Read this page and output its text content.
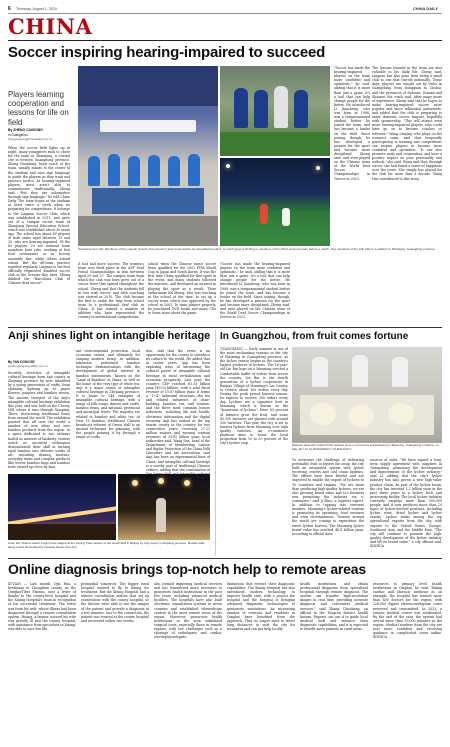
6 Thursday, August 1, 2024	CHINA DAILY
CHINA
Soccer inspiring hearing-impaired to succeed
Players learning cooperation and lessons for life on field
By ZHENG CAIXIONG
in Guangzhou
zhengcaixiong@chinadaily.com.cn

When the soccer field lights up at night, many youngsters rush to cheer for the team in Zhanjiang, a coastal city in western Guangdong province. Zheng Huanbing, head coach of the team, usually stands at the center of the stadium and uses sign language to guide the players as they train and practice tactics. As hearing-impaired players, most aren't able to communicate traditionally, Zheng said. "But they are informative through sign language," he told China Daily. The team trains at the stadium at least twice a week when its preparing for competitions. It belongs to the Lingnan Soccer Club, which was established in 2011, and grew out of a campus soccer team at Zhanjiang Special Education School, which was established about 30 years ago. The school has about 60 players of both sexes aged between 15 and 25, who are hearing-impaired. Of the 60 players, 20 are national team members here jobs, working at fast food restaurants or as factory assembly line, while others attend school. But the all-team practice together regularly. Lingnan is the first officially registered disabled soccer club in the Greater Bay Area. Zheng dubbed the "Barcelona Club of Chinese deaf soccer".

Clockwise from left: Members of the Lingnan Soccer Club women's team pose before an international match. A coach gives a briefing to members of the club's women's team before a match. Two members of the club train in a stadium in Zhanjiang, Guangdong province.

It had had more success. The women's team won third place at the AFF Deaf Futsal Championships in Iran between April 20 and 27. The campus team from which the club was born grew out of a soccer fever that spread throughout the school. Zheng said that the students fell in love with soccer, and with coaching was started in 2010. The club became the first to make the leap from school team to a professional deaf club in China. It has trained a number of athletes who have represented the country in international competitions.

school when the Chinese men's soccer team qualified for the 2002 FIFA World Cup in Japan and South Korea. It was the first time China qualified for that sport in the event, and many students followed the matches, and developed an interest in playing the sport as a result. Their enthusiasm led Zheng, who was teaching at the school at the time, to set up a soccer team, which was approved by the school in 2003. To train players properly, he purchased DVD books and many CDs to learn more about the game.

"Soccer has made the hearing-impaired players on the team more confident and optimistic," he said, adding that it is more than just a game, it's a tool that can help change people for the better. He introduced Li Jiansheng, who was born in 1998, was a temperamental student before he joined the team, and has become a leader on the field. Since joining, though, he has developed a passion for the sport and become more disciplined, Zheng said, and even played on the Chinese team at the World Deaf Soccer Championships in Greece in 2023.

The lessons learned in the team are also valuable in his daily life, Zheng said. Lingnan has also gone from being a small club to one that travels nationally. These days, players are sought out by clubs in Guangdong, from Dongguan to Zhuhai, and the provinces of Sichuan, Yunnan and Shaanxi, the coach said. After many years of experience, Zheng said that he hopes to make hearing-impaired soccer more popular and more influential nationwide, and added that the club is preparing to enter domestic soccer leagues, hopefully with sponsorship. "This will attract even more hearing-impaired players, who could later go on to become coaches or referees." Wang Liuqing, who plays on the women's team, said that frequently participating in training and competitions can inspire players to become more confident and optimistic. "It can also promote unity and cooperation, and have a positive impact on your personality and outlook," she said. Wang said that, through soccer, she had found a sense of happiness over the years. She simply has played for the club for more than a decade. Wang Hao contributed to this story.

"Soccer has made the hearing-impaired players on the team more confident and optimistic," he said, adding that it is more than just a game, it's a tool that can help change people for the better. He introduced Li Jiansheng, who was born in 1998, was a temperamental student before he joined the team, and has become a leader on the field. Since joining, though, he has developed a passion for the sport and become more disciplined, Zheng said, and even played on the Chinese team at the World Deaf Soccer Championships in Greece in 2023.

Anji shines light on intangible heritage
By YAN DONGJIE
yandongjie@chinadaily.com.cn

Secretly, stretches of intangible cultural heritage from Anji county in Zhejiang province by now inhabited by a young generation of crafts, from spinning, lighting up to paper flowers, paupers and bamboo woven. The ancient viewport of the Anji's intangible cultural heritage exhibition this year, and was held on the Cheery Hill, where it runs through Xiaoping. There, showcasing traditional items from around the world. The exhibition pointed that all over the world a number of new ideas and new bamboo products from the region. In a space dedicated to two artisans hailed as masters of basketry, visitors watch as ancestral techniques demonstrated their skill at turning rigid bamboo into delicate works of art, including shining lanterns, everyday items and complex products like woven bamboo bags and bamboo tools viewed up-close by fans.

ant environmental protection, local economic values, and ultimately for shaping modern living. In addition, takeovers performed bamboo technique demonstrations with the development of global interest in bamboo instruments. Known as the "Land of Bamboo" in China, as well as the home of the very type of white tea, Anji is a major center of intangible cultural heritage in Zhejiang province. It is home to 244 examples of intangible cultural heritage, with a range of folk songs, dances and crafts, bamboo items, and national, provincial and municipal levels. The majority are related to bamboo and white tea. At New 10 bamboo, traditional Chinese broadcast reforms of Green Wall is an ancient technique for planning, with the people passing it by through a range of crafts.

tion, said that the event is an opportunity for the county to introduce its culture to the world. He added that in recent years, Anji has been exploring ways of harnessing the cultural power of intangible cultural heritage in rural revitalization and economic prosperity. Last year, the county's GDP reached 65.35 billion yuan ($9.03 billion), with a total fiscal revenue of 10.87 billion yuan. It forms a "1+4" industrial structure—the tea and related industries of chair-building, bamboo, tea, and tourism, and the three most common leisure industries, including life and health, electronic information and the digital economy. Anji has ranked as the top tourist county in the country for two consecutive years, receiving 27.21 million visitors and earning tourism revenues of 39.85 billion yuan, local authorities said. Wang Sen, head of the Department of Membership Liaison and Rights Protection of the China Folk Literature and Art Association, said Anji has been an experimental base of China, and intangible cultural heritage is a worthy part of traditional Chinese culture, adding that the combination of

From left: Visitors watch a light show staged at the Jiaying Pass section of the Great Wall in Beijing by Anji county in Zhejiang province. Models walk along a lane illuminated by bamboo lamps from Anji.
In Guangzhou, from fruit comes fortune

GUANGZHOU — Early summer is one of the most enchanting seasons in the city of Maoming in Guangdong province, as the lychee season begins in the country's largest producer of lychees. The 16-year-old Lin Bin hops on a Maoming erected a comfortable buffet of orders from across the country. Lin Bin is the fourth generation of a lychee cooperative in Baiqiao Village of Maoming's Lin County, to receive about 100 orders every day. During the peak period harvest season, he expects to receive 300 orders every day. Lychees are a signature fruit in Maoming, which is known as the "hometown of lychees". Here, 65 percent of farmers grow the fruit, and some 43,100 hectares are planted with around 200 varieties. This year, the city is set to harvest lychees from Maoming over high quality varieties. An e-commerce platform aims to boost the local proportion from 10 to 30 percent of the city's lychee crop.	Workers deal with peeled fresh lychees at an e-commerce livestreaming in Maoming, Guangdong province, on May 29. LIU GUANGSHENG / CHINA DAILY

To overcome the challenge of delivering perishable fruit to buyers far away, the city built an integrated system with lychee receiving centers and cold chain logistics. The efforts have been fruitful and are expected to enable the export of lychees to 30 countries and regions. "We are more than producing high-quality lychees, we are also growing brand value and Li's business was promoting the industry via e-commerce," said Ji Zhuo, a logistics expert. In addition to tapping into overseas markets, Maoming's lychee-related tourism is promoting its operating, food ventures and even entertainment. Tourists around the world are coming to experience the sweet lychee harvest. The Maoming lychee brand value has reached 48.8 billion yuan, according to official data.

sources of sales. "We have signed a long-term supply agreement with suppliers in Guangdong, promoting the development and improvement of the lychee industry," said Li, adding that the city's lychee industry has also grown a new high-value product chain. As part of the lychee boom, the city has invested 1.2 billion yuan in the past three years in a lychee R&D and processing facility. The local lychee industry currently employs more than 500,000 people, and it now produces more than 10 types of lychee-derived products, including lychee wine, dried lychee and lychee snacks. Lychee ranks among the top agricultural exports from the city, with exports to the United States, Europe, Southeast Asia, and the Middle East. "The city will continue to promote the high-quality development of the lychee industry and lift its brand value," a city official said. XINHUA

Online diagnosis brings top-notch help to remote areas

XI'TIAN — Last month, Ojin Hua, a herdsman in Zhongdian county, on the Qinghai-Tibet Plateau, sent a letter of thanks to the county-level hospital and the Xining Hospital's team in recognition of his successful treatment. The letter was from his wife, whose illness had been diagnosed through a remote consultation system. Huang, a farmer, noticed his wife was gravely ill and the county hospital, with assistance from specialists in Xining, was able to save her life.

primordial tomorrow. The bigger rural hospital wanted to fly to Xining for treatment. But the Xining Hospital had a remote consultation station that set up connections with the county hospital, so the doctors were able to see the images of the patient and provide a diagnosis in a few minutes. Due to the connection, the patient was treated at the county hospital and recovered within two weeks.

also formed improving medical services and has transferred more resources to grassroots health institutions in the past few years, including advanced medical facilities. The hospitals have also built electronic consultation systems in seven counties and established telemedicine centers in the most remote areas of the region. Moreover, grassroots health institutions in the area subsidized surgical costs, especially those in remote regions, with low challenges such as a shortage of radiologists and cardiac electrophysiologists.

limitations that restrict their diagnostic capabilities. The Xining Hospital has also introduced modern technology, to improve health care, with a project the hospital and the hospital is bringing advanced diagnostic technologies to grassroots institutions. An increasing number of veterans and residents in Qinghai have benefited from the approach. They no longer need to travel long distances to visit the city for treatment and can get help locally.

health institutions and obtain professional diagnoses from specialized hospitals through remote diagnosis. The system can transfer high-resolution images in real time, providing accurate diagnosis and convenient medical services," said Zhang Chunhang, an official in the Tongren district health bureau. Experts can use it to guide local medical staff and enhance their diagnostic capabilities, and it is expected to benefit more patients in rural areas.

resources to primary level health institutions in Qinghai, he said. Taking cardiac and thoracic medicine as an example, the hospital has trained more than 400 doctors for the region, with 228,000 digital electrocardiogram cases reviewed and transmitted. In 2023, a remote medical center was established. By the end of the year, the system had served more than 39,000 patients in the region. Medical workers from the city are now more confident and receiving guidance in complicated cases online. XINHUA
